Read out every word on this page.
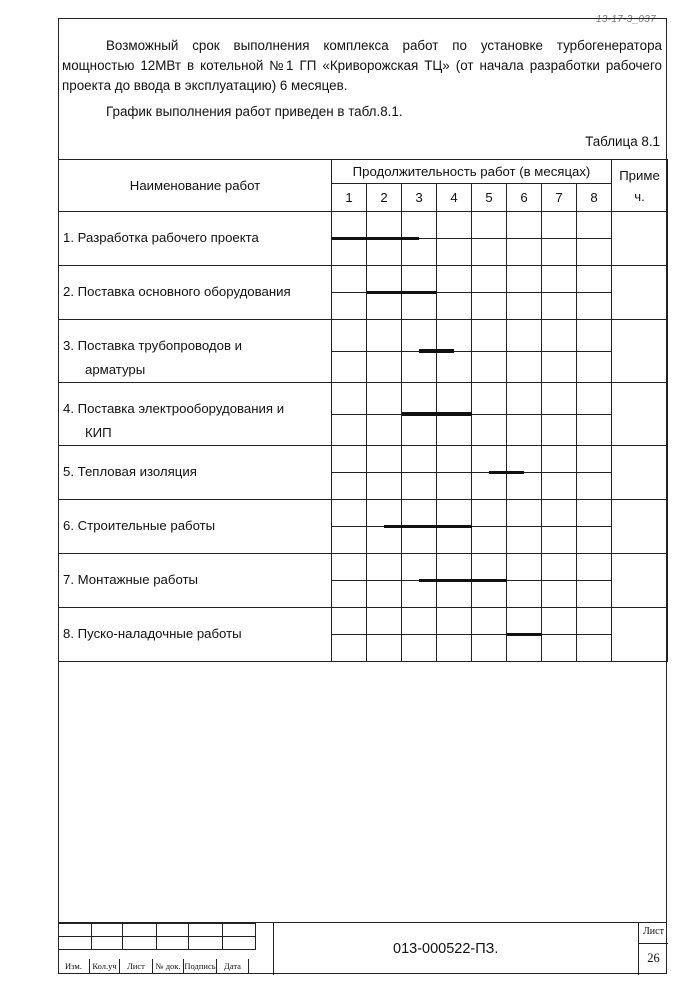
13-17-3_037

Возможный срок выполнения комплекса работ по установке турбогенератора мощностью 12МВт в котельной №1 ГП «Криворожская ТЦ» (от начала разработки рабочего проекта до ввода в эксплуатацию) 6 месяцев.

График выполнения работ приведен в табл.8.1.

Таблица 8.1
Наименование работ	Продолжительность работ (в месяцах)								Приме
ч.

	1	2	3	4	5	6	7	8	
1. Разработка рабочего проекта									

2. Поставка основного оборудования									

3. Поставка трубопроводов и
арматуры									

4. Поставка электрооборудования и
КИП									

5. Тепловая изоляция									

6. Строительные работы									

7. Монтажные работы									

8. Пуско-наладочные работы									

Изм.	Кол.уч	Лист	№ док. Подпись Дата
013-000522-ПЗ.
Лист
26
